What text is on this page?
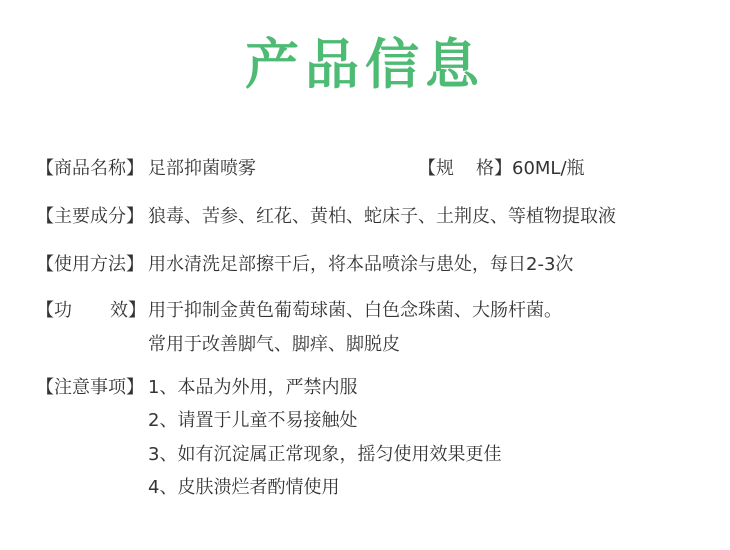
产品信息
【商品名称】 足部抑菌喷雾	【规 格】60ML/瓶
【主要成分】 狼毒、苦参、红花、黄柏、蛇床子、土荆皮、等植物提取液
【使用方法】 用水清洗足部擦干后，将本品喷涂与患处，每日2-3次
【功 效】 用于抑制金黄色葡萄球菌、白色念珠菌、大肠杆菌。
常用于改善脚气、脚痒、脚脱皮
【注意事项】 1、本品为外用，严禁内服
2、请置于儿童不易接触处
3、如有沉淀属正常现象，摇匀使用效果更佳
4、皮肤溃烂者酌情使用
